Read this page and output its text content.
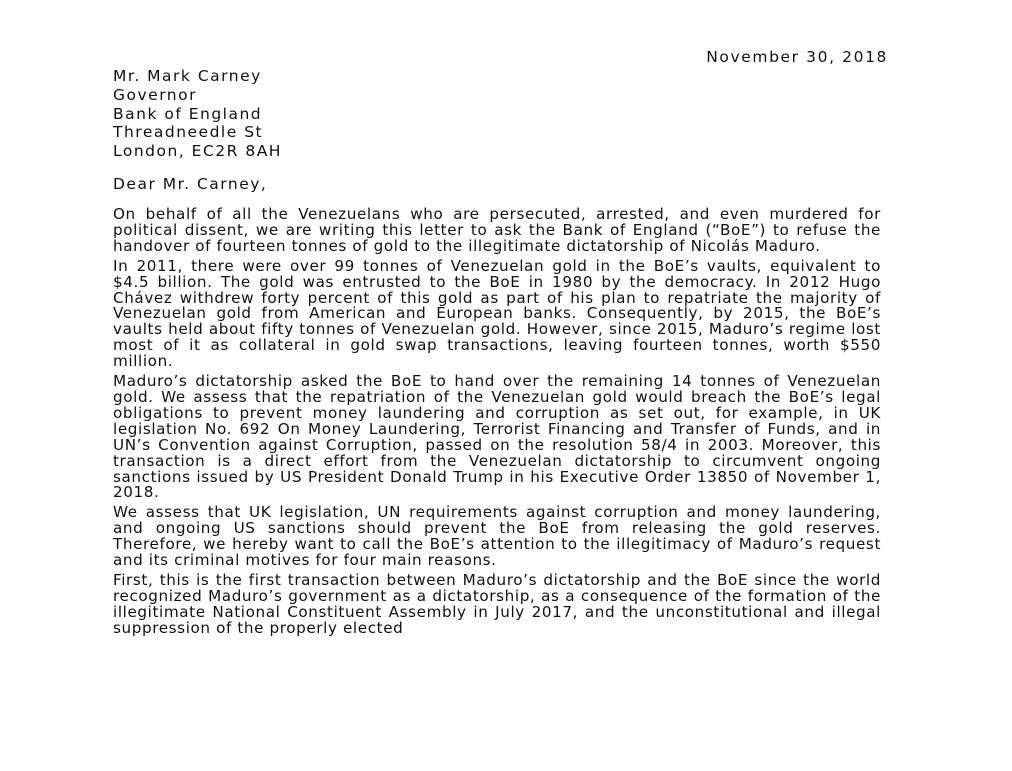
November 30, 2018
Mr. Mark Carney
Governor
Bank of England
Threadneedle St
London, EC2R 8AH
Dear Mr. Carney,

On behalf of all the Venezuelans who are persecuted, arrested, and even murdered for political dissent, we are writing this letter to ask the Bank of England (“BoE”) to refuse the handover of fourteen tonnes of gold to the illegitimate dictatorship of Nicolás Maduro.

In 2011, there were over 99 tonnes of Venezuelan gold in the BoE’s vaults, equivalent to $4.5 billion. The gold was entrusted to the BoE in 1980 by the democracy. In 2012 Hugo Chávez withdrew forty percent of this gold as part of his plan to repatriate the majority of Venezuelan gold from American and European banks. Consequently, by 2015, the BoE’s vaults held about fifty tonnes of Venezuelan gold. However, since 2015, Maduro’s regime lost most of it as collateral in gold swap transactions, leaving fourteen tonnes, worth $550 million.

Maduro’s dictatorship asked the BoE to hand over the remaining 14 tonnes of Venezuelan gold. We assess that the repatriation of the Venezuelan gold would breach the BoE’s legal obligations to prevent money laundering and corruption as set out, for example, in UK legislation No. 692 On Money Laundering, Terrorist Financing and Transfer of Funds, and in UN’s Convention against Corruption, passed on the resolution 58/4 in 2003. Moreover, this transaction is a direct effort from the Venezuelan dictatorship to circumvent ongoing sanctions issued by US President Donald Trump in his Executive Order 13850 of November 1, 2018.

We assess that UK legislation, UN requirements against corruption and money laundering, and ongoing US sanctions should prevent the BoE from releasing the gold reserves. Therefore, we hereby want to call the BoE’s attention to the illegitimacy of Maduro’s request and its criminal motives for four main reasons.

First, this is the first transaction between Maduro’s dictatorship and the BoE since the world recognized Maduro’s government as a dictatorship, as a consequence of the formation of the illegitimate National Constituent Assembly in July 2017, and the unconstitutional and illegal suppression of the properly elected
